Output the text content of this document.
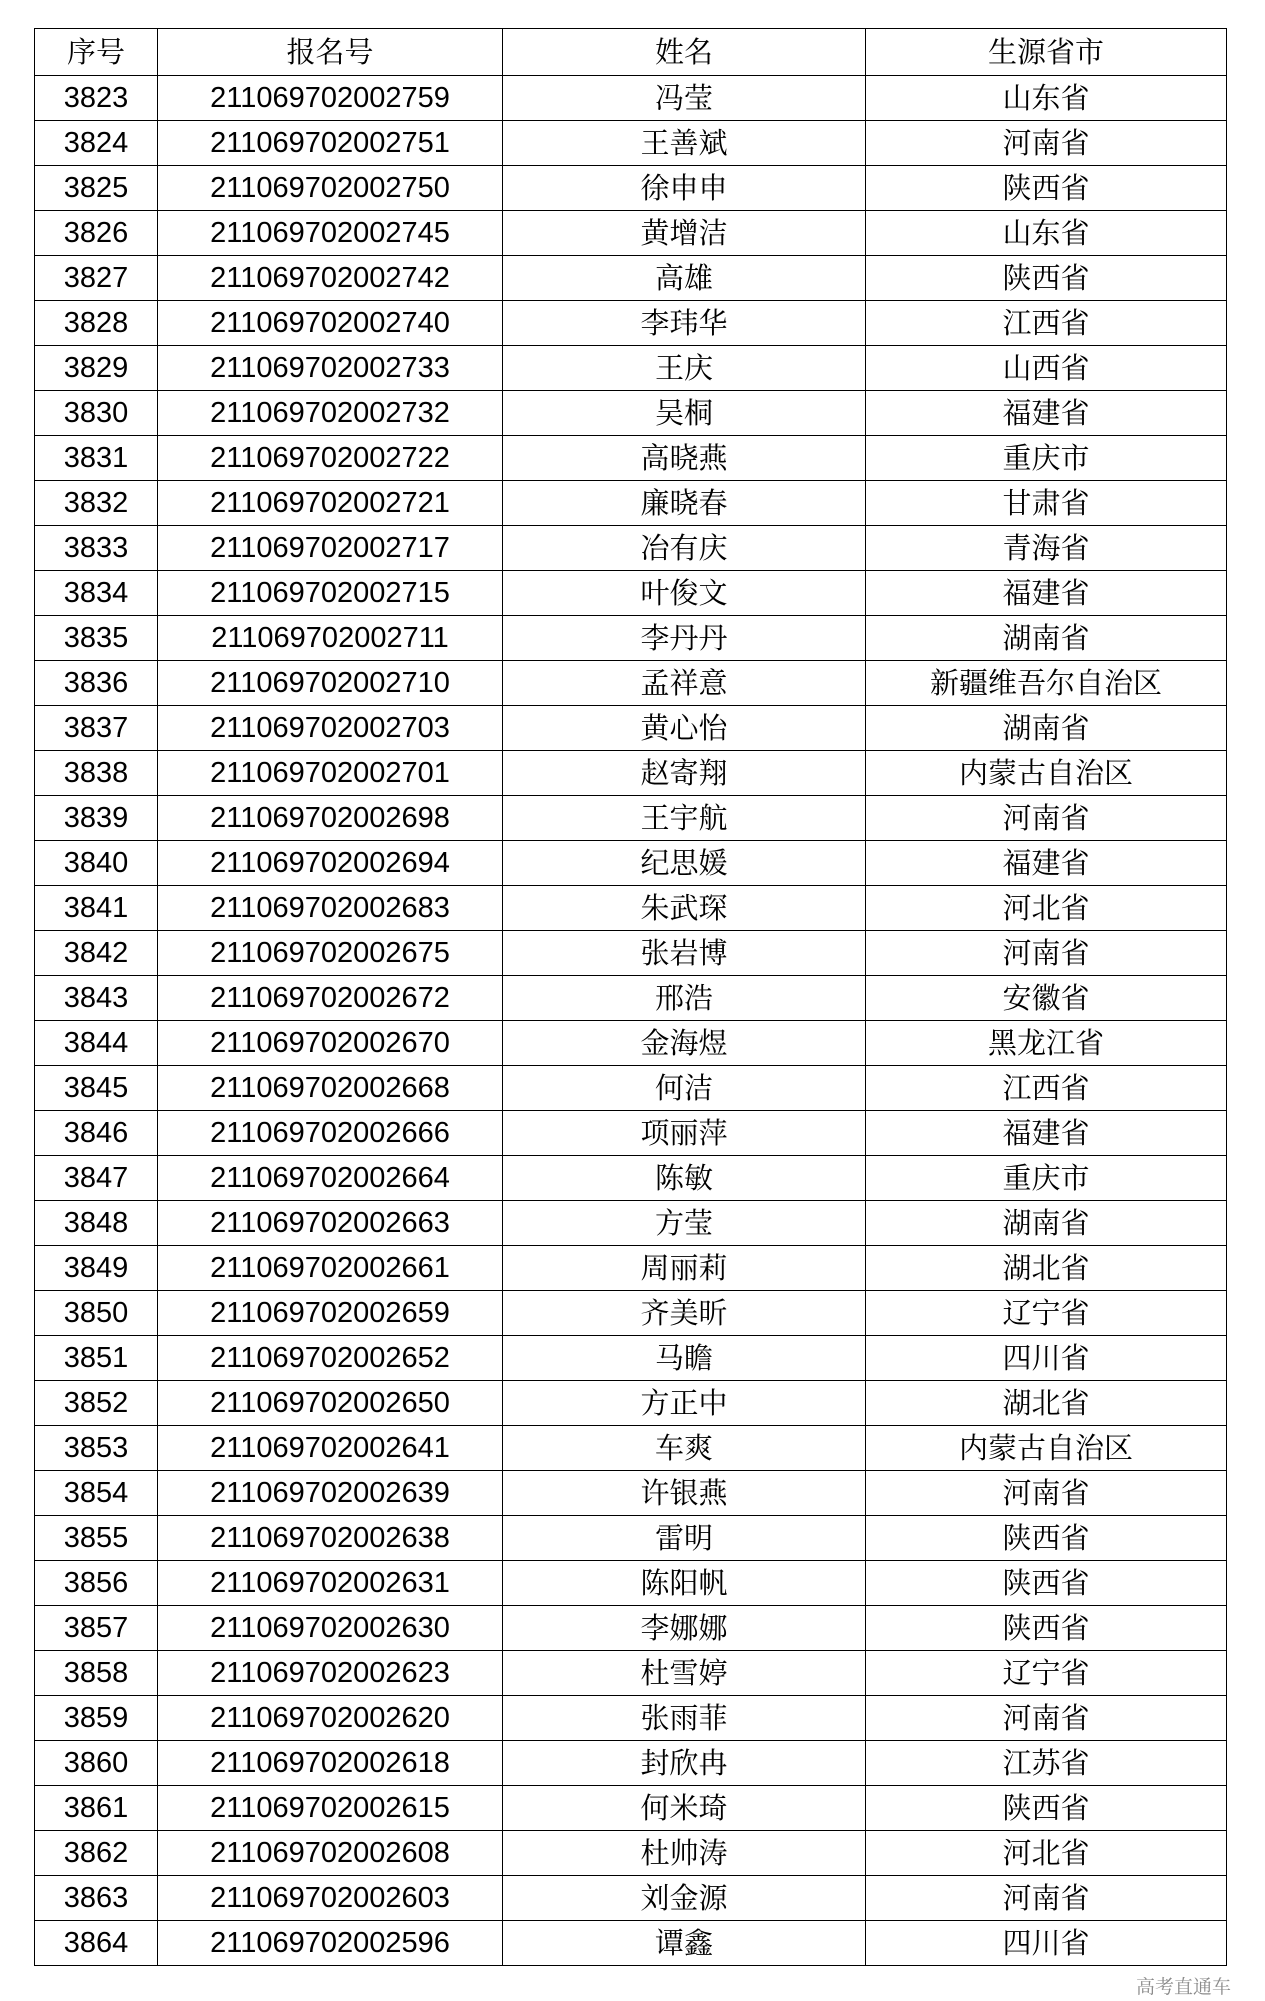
序号	报名号	姓名	生源省市
3823	211069702002759	冯莹	山东省
3824	211069702002751	王善斌	河南省
3825	211069702002750	徐申申	陕西省
3826	211069702002745	黄增洁	山东省
3827	211069702002742	高雄	陕西省
3828	211069702002740	李玮华	江西省
3829	211069702002733	王庆	山西省
3830	211069702002732	吴桐	福建省
3831	211069702002722	高晓燕	重庆市
3832	211069702002721	廉晓春	甘肃省
3833	211069702002717	冶有庆	青海省
3834	211069702002715	叶俊文	福建省
3835	211069702002711	李丹丹	湖南省
3836	211069702002710	孟祥意	新疆维吾尔自治区
3837	211069702002703	黄心怡	湖南省
3838	211069702002701	赵寄翔	内蒙古自治区
3839	211069702002698	王宇航	河南省
3840	211069702002694	纪思媛	福建省
3841	211069702002683	朱武琛	河北省
3842	211069702002675	张岩博	河南省
3843	211069702002672	邢浩	安徽省
3844	211069702002670	金海煜	黑龙江省
3845	211069702002668	何洁	江西省
3846	211069702002666	项丽萍	福建省
3847	211069702002664	陈敏	重庆市
3848	211069702002663	方莹	湖南省
3849	211069702002661	周丽莉	湖北省
3850	211069702002659	齐美昕	辽宁省
3851	211069702002652	马瞻	四川省
3852	211069702002650	方正中	湖北省
3853	211069702002641	车爽	内蒙古自治区
3854	211069702002639	许银燕	河南省
3855	211069702002638	雷明	陕西省
3856	211069702002631	陈阳帆	陕西省
3857	211069702002630	李娜娜	陕西省
3858	211069702002623	杜雪婷	辽宁省
3859	211069702002620	张雨菲	河南省
3860	211069702002618	封欣冉	江苏省
3861	211069702002615	何米琦	陕西省
3862	211069702002608	杜帅涛	河北省
3863	211069702002603	刘金源	河南省
3864	211069702002596	谭鑫	四川省
高考直通车
